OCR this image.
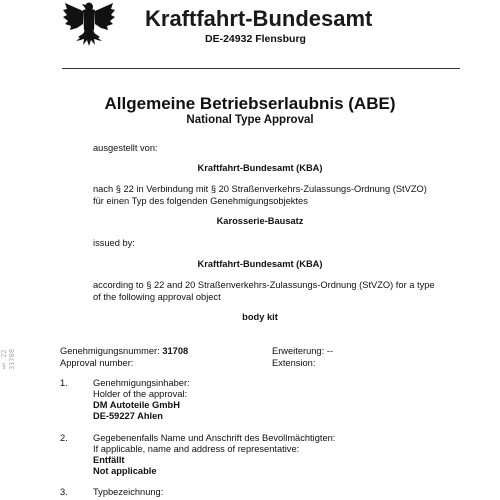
Kraftfahrt-Bundesamt
DE-24932 Flensburg
Allgemeine Betriebserlaubnis (ABE)
National Type Approval
ausgestellt von:
Kraftfahrt-Bundesamt (KBA)
nach § 22 in Verbindung mit § 20 Straßenverkehrs-Zulassungs-Ordnung (StVZO)
für einen Typ des folgenden Genehmigungsobjektes
Karosserie-Bausatz
issued by:
Kraftfahrt-Bundesamt (KBA)
according to § 22 and 20 Straßenverkehrs-Zulassungs-Ordnung (StVZO) for a type
of the following approval object
body kit
Genehmigungsnummer: 31708
Approval number:
Erweiterung: --
Extension:
1.	Genehmigungsinhaber:
Holder of the approval:
DM Autoteile GmbH
DE-59227 Ahlen
2.	Gegebenenfalls Name und Anschrift des Bevollmächtigten:
If applicable, name and address of representative:
Entfällt
Not applicable
3.	Typbezeichnung:
§ 22 31708
